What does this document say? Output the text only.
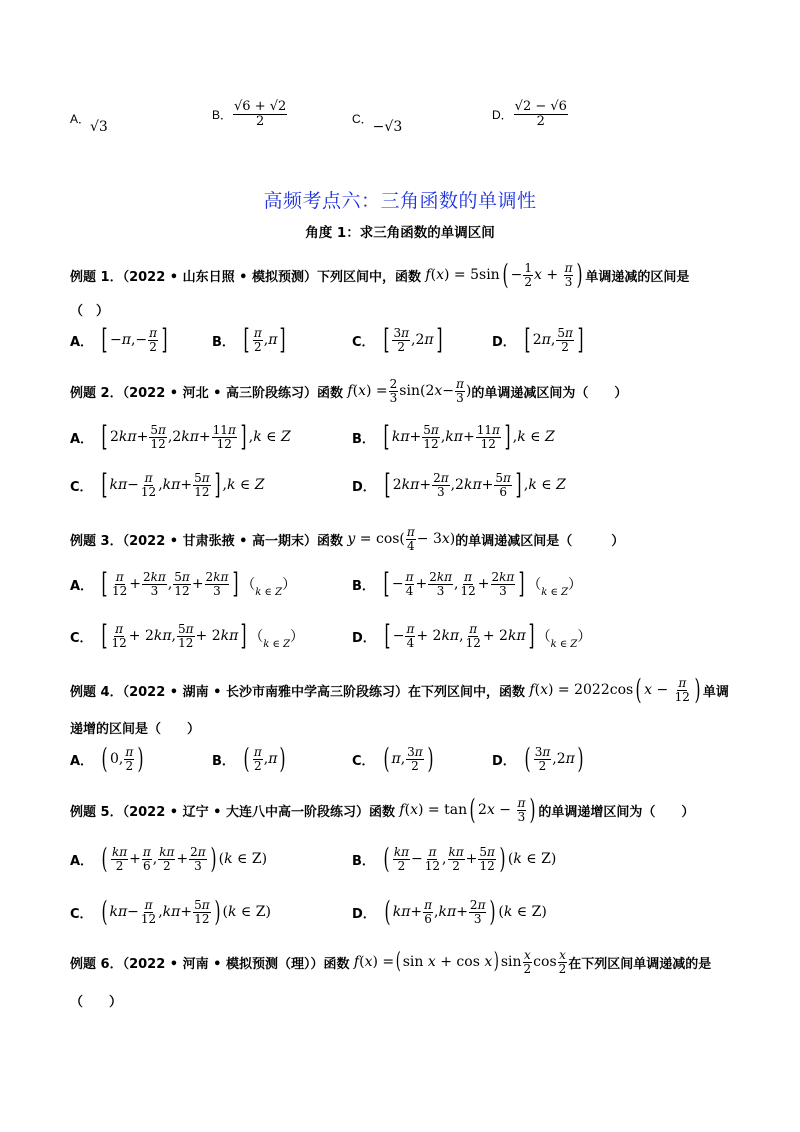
A． √3
B． $\frac{√6 + √2}{2}$	C． −√3
D． $\frac{√2 - √6}{2}$
高频考点六：三角函数的单调性
角度 1：求三角函数的单调区间
例题 1．（2022 • 山东日照 • 模拟预测）下列区间中，函数 f ( x )
=
5sin ( − $\frac{1}{2}$ $x + \frac{\pi}{3}$ ) 单调递减的区间是
（　）
A． [ − π ,− $\frac{\pi}{2}$ ]	B． [ $\frac{\pi}{2}$ , π ]	C． [ $\frac{3\pi}{2} ,2$ π ]	D． [ 2 π , $\frac{5\pi}{2}$ ]
例题 2．（2022 • 河北 • 高三阶段练习）函数 f ( x ) = $\frac{2}{3} \sin(2$ $x - \frac{\pi}{3}$ ) 的单调递减区间为（　　）
A． [ 2 $k\pi + \frac{5\pi}{12} ,2$ $k\pi + \frac{11\pi}{12}$ ] , k ∈ Z	B． [ $k\pi + \frac{5\pi}{12}$ , $k\pi + \frac{11\pi}{12}$ ] , k ∈ Z
C． [ $k\pi - \frac{\pi}{12}$ , $k\pi + \frac{5\pi}{12}$ ] , k ∈ Z	D． [ 2 $k\pi + \frac{2\pi}{3} ,2$ $k\pi + \frac{5\pi}{6}$ ] , k ∈ Z
例题 3．（2022 • 甘肃张掖 • 高一期末）函数 $y = \cos( \frac{\pi}{4} - 3$ x ) 的单调递减区间是（　　　）
A． [ $\frac{\pi}{12} + \frac{2k\pi}{3}$ , $\frac{5\pi}{12} + \frac{2k\pi}{3}$ ] （ k ∈ Z ）	B． [ − $\frac{\pi}{4} + \frac{2k\pi}{3}$ , $\frac{\pi}{12} + \frac{2k\pi}{3}$ ] （ k ∈ Z ）
C． [ $\frac{\pi}{12} + 2$ kπ , $\frac{5\pi}{12} + 2$ kπ ] （ k ∈ Z ）	D． [ − $\frac{\pi}{4} + 2$ kπ , $\frac{\pi}{12} + 2$ kπ ] （ k ∈ Z ）
例题 4．（2022 • 湖南 • 长沙市南雅中学高三阶段练习）在下列区间中，函数 f ( x ) = 2022cos ( $x - \frac{\pi}{12}$ ) 单调
递增的区间是（　　）
A． ( 0, $\frac{\pi}{2}$ )	B． ( $\frac{\pi}{2}$ , π )	C． ( π , $\frac{3\pi}{2}$ )	D． ( $\frac{3\pi}{2} ,2$ π )
例题 5．（2022 • 辽宁 • 大连八中高一阶段练习）函数 f ( x ) = tan ( 2 $x - \frac{\pi}{3}$ ) 的单调递增区间为（　　）
A． ( $\frac{k\pi}{2} + \frac{\pi}{6}$ , $\frac{k\pi}{2} + \frac{2\pi}{3}$ ) ( k ∈ Z)	B． ( $\frac{k\pi}{2} - \frac{\pi}{12}$ , $\frac{k\pi}{2} + \frac{5\pi}{12}$ ) ( k ∈ Z)
C． ( $k\pi - \frac{\pi}{12}$ , $k\pi + \frac{5\pi}{12}$ ) ( k ∈ Z)	D． ( $k\pi + \frac{\pi}{6}$ , $k\pi + \frac{2\pi}{3}$ ) ( k ∈ Z)
例题 6．（2022 • 河南 • 模拟预测（理））函数 f ( x ) = ( sin x + cos x ) $\sin \frac{x}{2}$ $\cos \frac{x}{2}$ 在下列区间单调递减的是
（　　）
